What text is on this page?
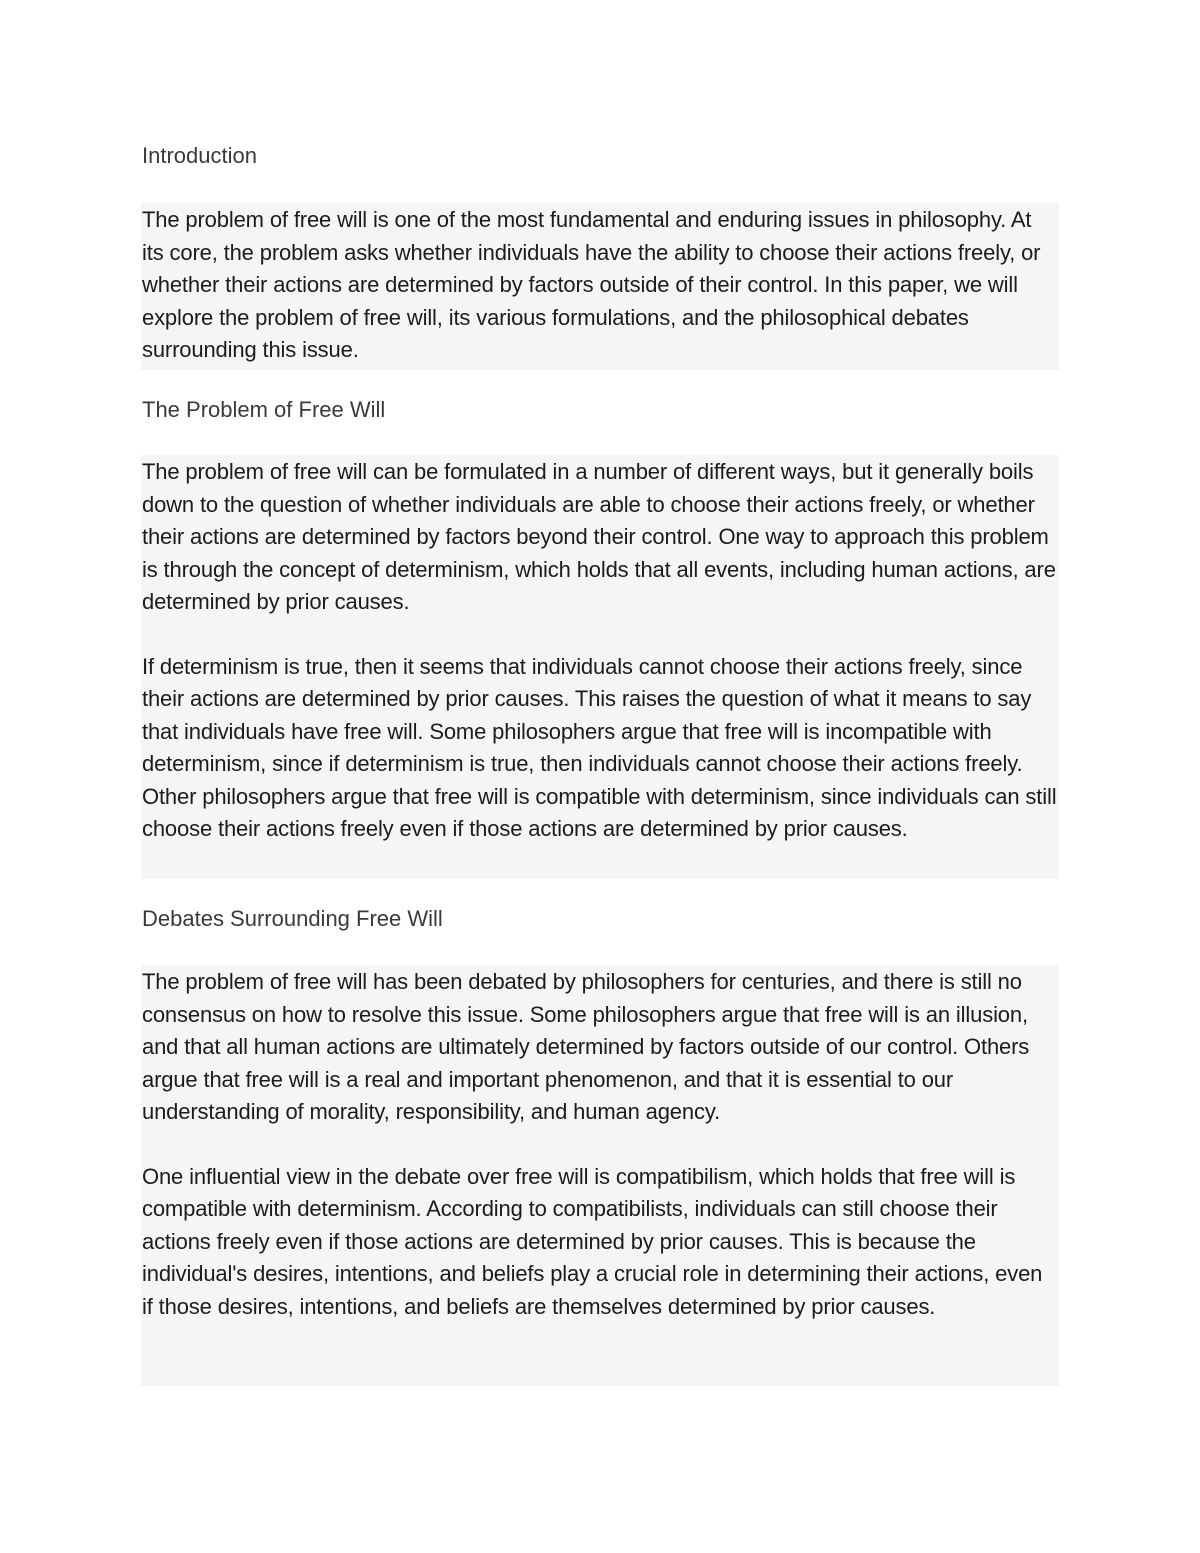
Introduction

The problem of free will is one of the most fundamental and enduring issues in philosophy. At its core, the problem asks whether individuals have the ability to choose their actions freely, or whether their actions are determined by factors outside of their control. In this paper, we will explore the problem of free will, its various formulations, and the philosophical debates surrounding this issue.

The Problem of Free Will

The problem of free will can be formulated in a number of different ways, but it generally boils down to the question of whether individuals are able to choose their actions freely, or whether their actions are determined by factors beyond their control. One way to approach this problem is through the concept of determinism, which holds that all events, including human actions, are determined by prior causes.

If determinism is true, then it seems that individuals cannot choose their actions freely, since their actions are determined by prior causes. This raises the question of what it means to say that individuals have free will. Some philosophers argue that free will is incompatible with determinism, since if determinism is true, then individuals cannot choose their actions freely. Other philosophers argue that free will is compatible with determinism, since individuals can still choose their actions freely even if those actions are determined by prior causes.

Debates Surrounding Free Will

The problem of free will has been debated by philosophers for centuries, and there is still no consensus on how to resolve this issue. Some philosophers argue that free will is an illusion, and that all human actions are ultimately determined by factors outside of our control. Others argue that free will is a real and important phenomenon, and that it is essential to our understanding of morality, responsibility, and human agency.

One influential view in the debate over free will is compatibilism, which holds that free will is compatible with determinism. According to compatibilists, individuals can still choose their actions freely even if those actions are determined by prior causes. This is because the individual's desires, intentions, and beliefs play a crucial role in determining their actions, even if those desires, intentions, and beliefs are themselves determined by prior causes.
